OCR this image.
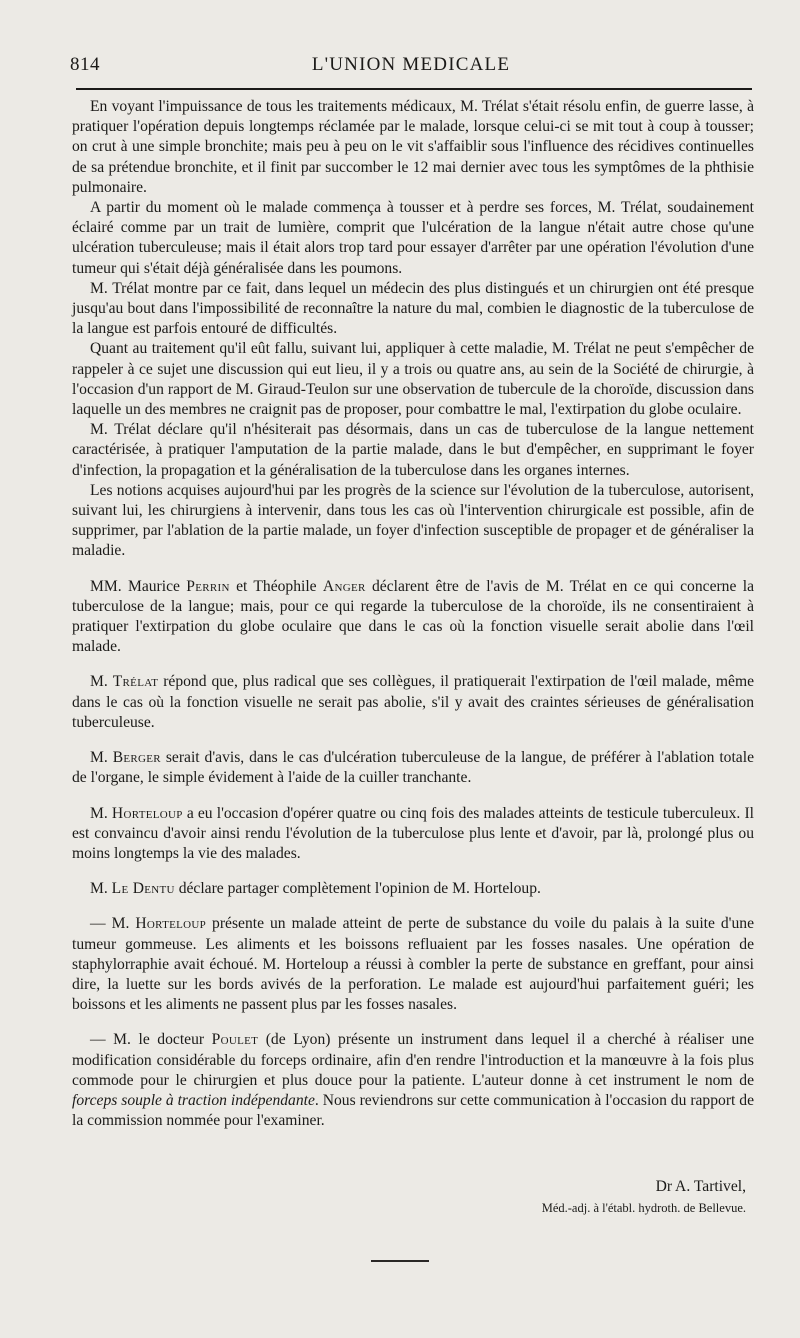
814	L'UNION MEDICALE

En voyant l'impuissance de tous les traitements médicaux, M. Trélat s'était résolu enfin, de guerre lasse, à pratiquer l'opération depuis longtemps réclamée par le malade, lorsque celui-ci se mit tout à coup à tousser; on crut à une simple bronchite; mais peu à peu on le vit s'affaiblir sous l'influence des récidives continuelles de sa prétendue bronchite, et il finit par succomber le 12 mai dernier avec tous les symptômes de la phthisie pulmonaire.

A partir du moment où le malade commença à tousser et à perdre ses forces, M. Trélat, soudainement éclairé comme par un trait de lumière, comprit que l'ulcération de la langue n'était autre chose qu'une ulcération tuberculeuse; mais il était alors trop tard pour essayer d'arrêter par une opération l'évolution d'une tumeur qui s'était déjà généralisée dans les poumons.

M. Trélat montre par ce fait, dans lequel un médecin des plus distingués et un chirurgien ont été presque jusqu'au bout dans l'impossibilité de reconnaître la nature du mal, combien le diagnostic de la tuberculose de la langue est parfois entouré de difficultés.

Quant au traitement qu'il eût fallu, suivant lui, appliquer à cette maladie, M. Trélat ne peut s'empêcher de rappeler à ce sujet une discussion qui eut lieu, il y a trois ou quatre ans, au sein de la Société de chirurgie, à l'occasion d'un rapport de M. Giraud-Teulon sur une observation de tubercule de la choroïde, discussion dans laquelle un des membres ne craignit pas de proposer, pour combattre le mal, l'extirpation du globe oculaire.

M. Trélat déclare qu'il n'hésiterait pas désormais, dans un cas de tuberculose de la langue nettement caractérisée, à pratiquer l'amputation de la partie malade, dans le but d'empêcher, en supprimant le foyer d'infection, la propagation et la généralisation de la tuberculose dans les organes internes.

Les notions acquises aujourd'hui par les progrès de la science sur l'évolution de la tuberculose, autorisent, suivant lui, les chirurgiens à intervenir, dans tous les cas où l'intervention chirurgicale est possible, afin de supprimer, par l'ablation de la partie malade, un foyer d'infection susceptible de propager et de généraliser la maladie.

MM. Maurice Perrin et Théophile Anger déclarent être de l'avis de M. Trélat en ce qui concerne la tuberculose de la langue; mais, pour ce qui regarde la tuberculose de la choroïde, ils ne consentiraient à pratiquer l'extirpation du globe oculaire que dans le cas où la fonction visuelle serait abolie dans l'œil malade.

M. Trélat répond que, plus radical que ses collègues, il pratiquerait l'extirpation de l'œil malade, même dans le cas où la fonction visuelle ne serait pas abolie, s'il y avait des craintes sérieuses de généralisation tuberculeuse.

M. Berger serait d'avis, dans le cas d'ulcération tuberculeuse de la langue, de préférer à l'ablation totale de l'organe, le simple évidement à l'aide de la cuiller tranchante.

M. Horteloup a eu l'occasion d'opérer quatre ou cinq fois des malades atteints de testicule tuberculeux. Il est convaincu d'avoir ainsi rendu l'évolution de la tuberculose plus lente et d'avoir, par là, prolongé plus ou moins longtemps la vie des malades.

M. Le Dentu déclare partager complètement l'opinion de M. Horteloup.

— M. Horteloup présente un malade atteint de perte de substance du voile du palais à la suite d'une tumeur gommeuse. Les aliments et les boissons refluaient par les fosses nasales. Une opération de staphylorraphie avait échoué. M. Horteloup a réussi à combler la perte de substance en greffant, pour ainsi dire, la luette sur les bords avivés de la perforation. Le malade est aujourd'hui parfaitement guéri; les boissons et les aliments ne passent plus par les fosses nasales.

— M. le docteur Poulet (de Lyon) présente un instrument dans lequel il a cherché à réaliser une modification considérable du forceps ordinaire, afin d'en rendre l'introduction et la manœuvre à la fois plus commode pour le chirurgien et plus douce pour la patiente. L'auteur donne à cet instrument le nom de forceps souple à traction indépendante. Nous reviendrons sur cette communication à l'occasion du rapport de la commission nommée pour l'examiner.

Dr A. Tartivel,
Méd.-adj. à l'établ. hydroth. de Bellevue.
